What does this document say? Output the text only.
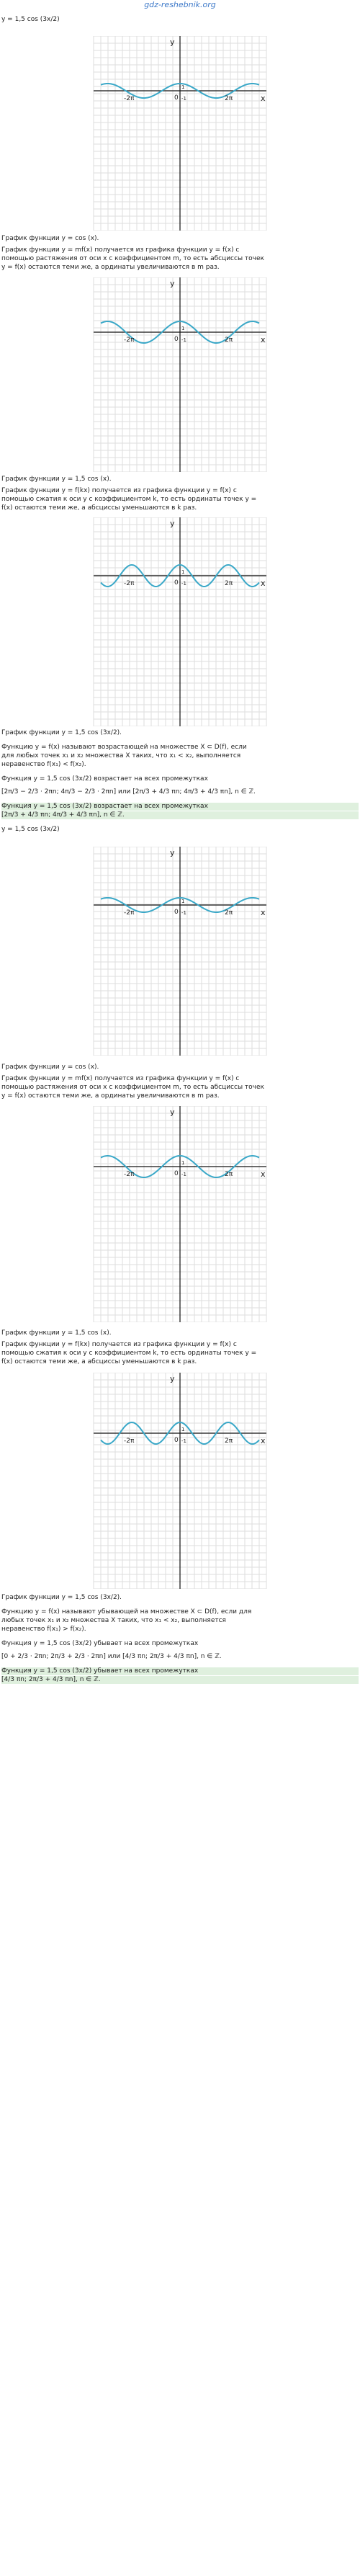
gdz-reshebnik.org
y = 1,5 cos (3x/2)
x
y
0
1
-1	2π
-2π
График функции y = cos (x).
График функции y = mf(x) получается из графика функции y = f(x) с
помощью растяжения от оси x с коэффициентом m, то есть абсциссы точек
y = f(x) остаются теми же, а ординаты увеличиваются в m раз.
x
y
0
1
-1	2π
-2π
График функции y = 1,5 cos (x).
График функции y = f(kx) получается из графика функции y = f(x) с
помощью сжатия к оси y с коэффициентом k, то есть ординаты точек y =
f(x) остаются теми же, а абсциссы уменьшаются в k раз.
x
y
0
1
-1	2π
-2π
График функции y = 1,5 cos (3x/2).
Функцию y = f(x) называют возрастающей на множестве X ⊂ D(f), если
для любых точек x₁ и x₂ множества X таких, что x₁ < x₂, выполняется
неравенство f(x₁) < f(x₂).
Функция y = 1,5 cos (3x/2) возрастает на всех промежутках
[2π/3 − 2/3 · 2πn; 4π/3 − 2/3 · 2πn] или [2π/3 + 4/3 πn; 4π/3 + 4/3 πn], n ∈ ℤ.
Функция y = 1,5 cos (3x/2) возрастает на всех промежутках
[2π/3 + 4/3 πn; 4π/3 + 4/3 πn], n ∈ ℤ.
y = 1,5 cos (3x/2)
x
y
0
1
-1	2π
-2π
График функции y = cos (x).
График функции y = mf(x) получается из графика функции y = f(x) с
помощью растяжения от оси x с коэффициентом m, то есть абсциссы точек
y = f(x) остаются теми же, а ординаты увеличиваются в m раз.
x
y
0
1
-1	2π
-2π
График функции y = 1,5 cos (x).
График функции y = f(kx) получается из графика функции y = f(x) с
помощью сжатия к оси y с коэффициентом k, то есть ординаты точек y =
f(x) остаются теми же, а абсциссы уменьшаются в k раз.
x
y
0
1
-1	2π
-2π
График функции y = 1,5 cos (3x/2).
Функцию y = f(x) называют убывающей на множестве X ⊂ D(f), если для
любых точек x₁ и x₂ множества X таких, что x₁ < x₂, выполняется
неравенство f(x₁) > f(x₂).
Функция y = 1,5 cos (3x/2) убывает на всех промежутках
[0 + 2/3 · 2πn; 2π/3 + 2/3 · 2πn] или [4/3 πn; 2π/3 + 4/3 πn], n ∈ ℤ.
Функция y = 1,5 cos (3x/2) убывает на всех промежутках
[4/3 πn; 2π/3 + 4/3 πn], n ∈ ℤ.
